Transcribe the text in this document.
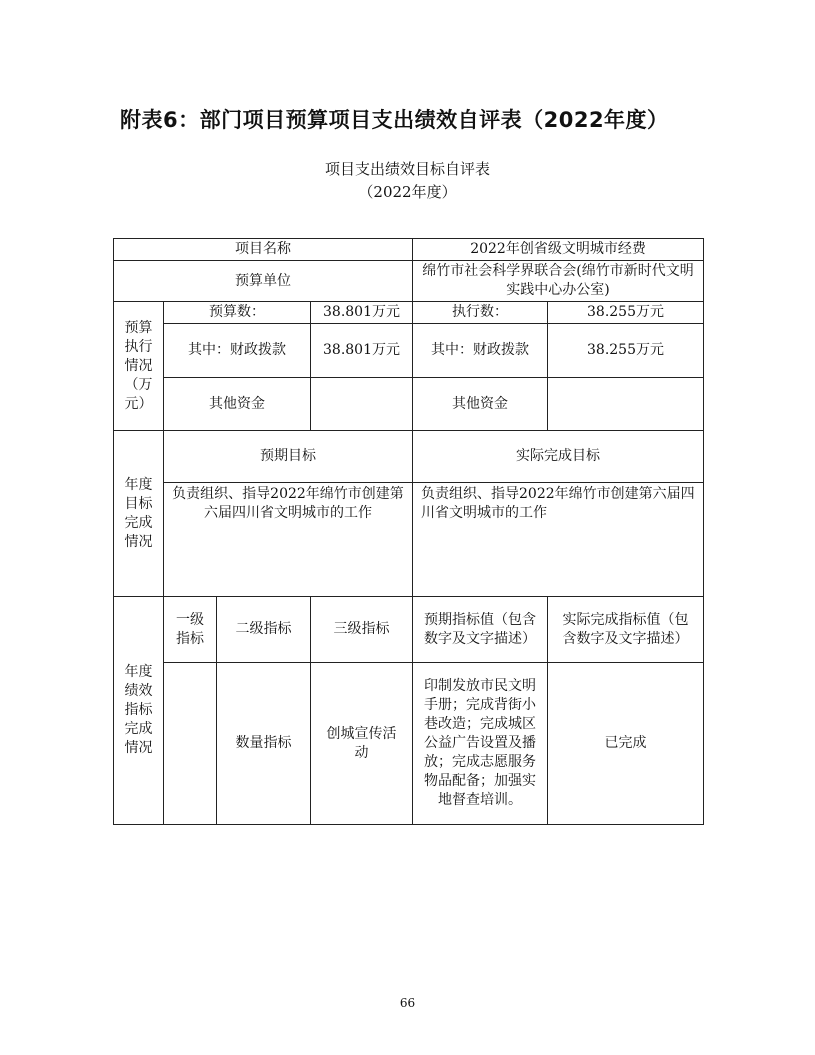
附表6：部门项目预算项目支出绩效自评表（2022年度）
项目支出绩效目标自评表
（2022年度）
项目名称				2022年创省级文明城市经费	
预算单位				绵竹市社会科学界联合会(绵竹市新时代文明实践中心办公室)	
预算执行情况（万元）	预算数：		38.801万元	执行数：	38.255万元
	其中：财政拨款		38.801万元	其中：财政拨款	38.255万元
	其他资金			其他资金	
年度目标完成情况	预期目标			实际完成目标	
	负责组织、指导2022年绵竹市创建第六届四川省文明城市的工作			负责组织、指导2022年绵竹市创建第六届四川省文明城市的工作	
年度绩效指标完成情况	一级指标	二级指标	三级指标	预期指标值（包含数字及文字描述）	实际完成指标值（包含数字及文字描述）
		数量指标	创城宣传活动	印制发放市民文明手册；完成背街小巷改造；完成城区公益广告设置及播放；完成志愿服务物品配备；加强实地督查培训。	已完成
66
